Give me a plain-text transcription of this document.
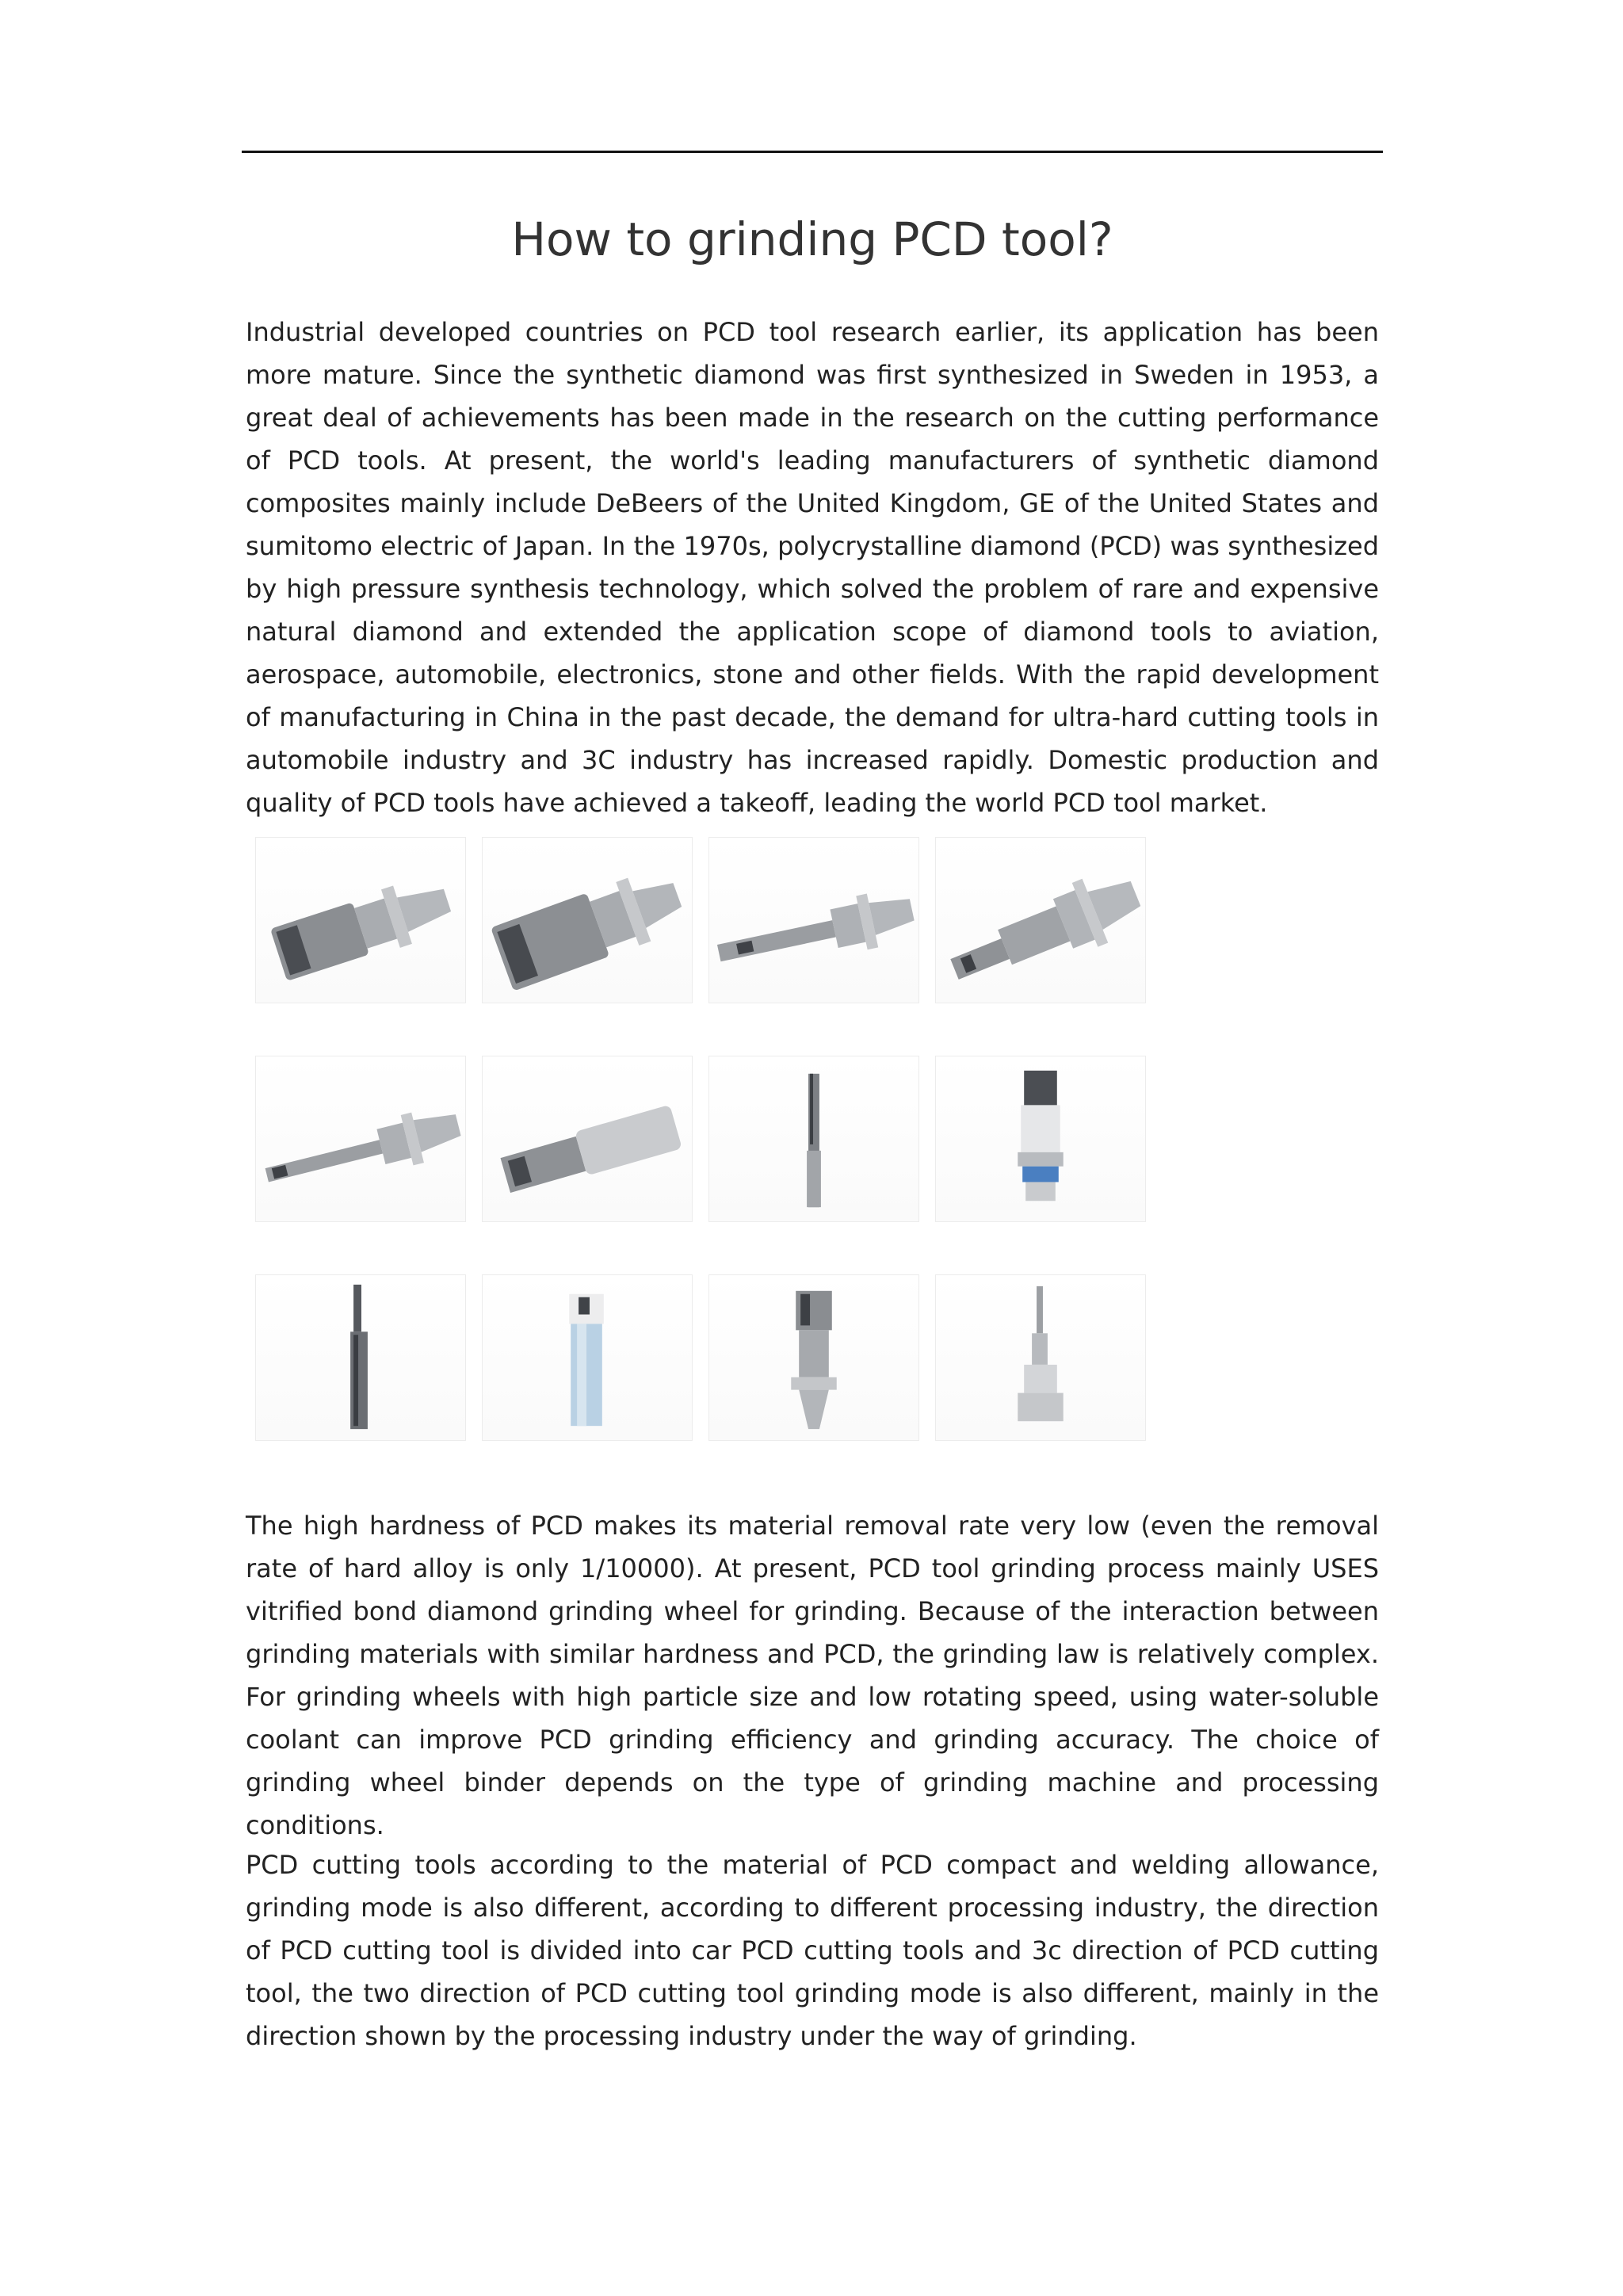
How to grinding PCD tool?

Industrial developed countries on PCD tool research earlier, its application has been more mature. Since the synthetic diamond was first synthesized in Sweden in 1953, a great deal of achievements has been made in the research on the cutting performance of PCD tools. At present, the world's leading manufacturers of synthetic diamond composites mainly include DeBeers of the United Kingdom, GE of the United States and sumitomo electric of Japan. In the 1970s, polycrystalline diamond (PCD) was synthesized by high pressure synthesis technology, which solved the problem of rare and expensive natural diamond and extended the application scope of diamond tools to aviation, aerospace, automobile, electronics, stone and other fields. With the rapid development of manufacturing in China in the past decade, the demand for ultra-hard cutting tools in automobile industry and 3C industry has increased rapidly. Domestic production and quality of PCD tools have achieved a takeoff, leading the world PCD tool market.

The high hardness of PCD makes its material removal rate very low (even the removal rate of hard alloy is only 1/10000). At present, PCD tool grinding process mainly USES vitrified bond diamond grinding wheel for grinding. Because of the interaction between grinding materials with similar hardness and PCD, the grinding law is relatively complex. For grinding wheels with high particle size and low rotating speed, using water-soluble coolant can improve PCD grinding efficiency and grinding accuracy. The choice of grinding wheel binder depends on the type of grinding machine and processing conditions.

PCD cutting tools according to the material of PCD compact and welding allowance, grinding mode is also different, according to different processing industry, the direction of PCD cutting tool is divided into car PCD cutting tools and 3c direction of PCD cutting tool, the two direction of PCD cutting tool grinding mode is also different, mainly in the direction shown by the processing industry under the way of grinding.
